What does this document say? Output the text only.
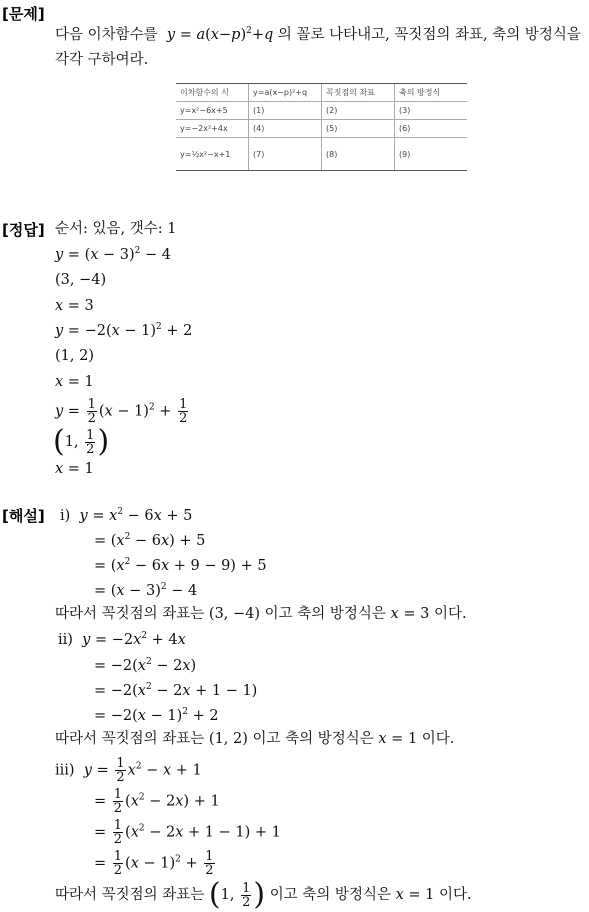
[문제]
다음 이차함수를  $y = a(x-p)^2+q$ 의 꼴로 나타내고, 꼭짓점의 좌표, 축의 방정식을
각각 구하여라.
이차함수의 식	y=a(x−p)²+q	꼭짓점의 좌표	축의 방정식
y=x²−6x+5	(1)	(2)	(3)
y=−2x²+4x	(4)	(5)	(6)
y=½x²−x+1	(7)	(8)	(9)
[정답] 순서: 있음, 갯수: 1
$y = (x - 3)^2 - 4$
(3, −4)
x = 3
$y = -2(x - 1)^2 + 2$
(1, 2)
x = 1
$y = \frac{1}{2} (x - 1)^2 + \frac{1}{2}$
(1, $\frac{1}{2}$ )
x = 1
[해설] ⅰ) $y = x^2 - 6x + 5$
= $(x^2 - 6x) + 5$
= $(x^2 - 6x + 9 - 9) + 5$
= $(x - 3)^2 - 4$
따라서 꼭짓점의 좌표는 (3, −4) 이고 축의 방정식은 x = 3 이다.
ⅱ) $y = -2x^2 + 4x$
= $-2(x^2 - 2x)$
= $-2(x^2 - 2x + 1 - 1)$
= $-2(x - 1)^2 + 2$
따라서 꼭짓점의 좌표는 (1, 2) 이고 축의 방정식은 x = 1 이다.
ⅲ) $y = \frac{1}{2} x^2 - x + 1$
= $\frac{1}{2} (x^2 - 2x) + 1$
= $\frac{1}{2} (x^2 - 2x + 1 - 1) + 1$
= $\frac{1}{2} (x - 1)^2 + \frac{1}{2}$
따라서 꼭짓점의 좌표는 (1, $\frac{1}{2}$ ) 이고 축의 방정식은 x = 1 이다.
